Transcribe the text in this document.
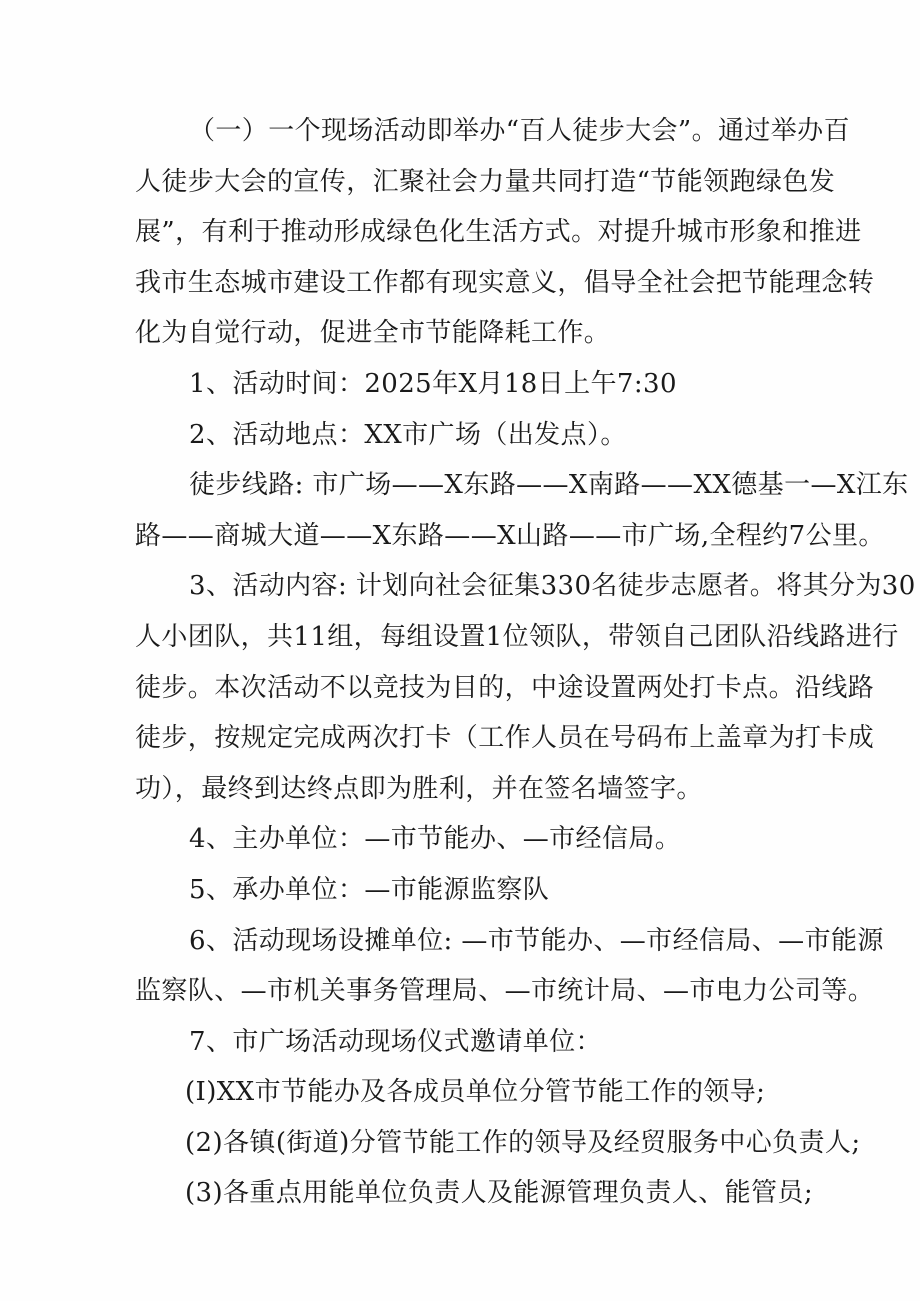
（一）一个现场活动即举办“百人徒步大会”。通过举办百
人徒步大会的宣传，汇聚社会力量共同打造“节能领跑绿色发
展”，有利于推动形成绿色化生活方式。对提升城市形象和推进
我市生态城市建设工作都有现实意义，倡导全社会把节能理念转
化为自觉行动，促进全市节能降耗工作。
1、活动时间：2025年X月18日上午7:30
2、活动地点：XX市广场（出发点）。
徒步线路: 市广场——X东路——X南路——XX德基一—X江东
路——商城大道——X东路——X山路——市广场,全程约7公里。
3、活动内容: 计划向社会征集330名徒步志愿者。将其分为30
人小团队，共11组，每组设置1位领队，带领自己团队沿线路进行
徒步。本次活动不以竞技为目的，中途设置两处打卡点。沿线路
徒步，按规定完成两次打卡（工作人员在号码布上盖章为打卡成
功），最终到达终点即为胜利，并在签名墙签字。
4、主办单位：—市节能办、—市经信局。
5、承办单位：—市能源监察队
6、活动现场设摊单位: —市节能办、—市经信局、—市能源
监察队、—市机关事务管理局、—市统计局、—市电力公司等。
7、市广场活动现场仪式邀请单位：
(I)XX市节能办及各成员单位分管节能工作的领导;
(2)各镇(街道)分管节能工作的领导及经贸服务中心负责人;
(3)各重点用能单位负责人及能源管理负责人、能管员;
